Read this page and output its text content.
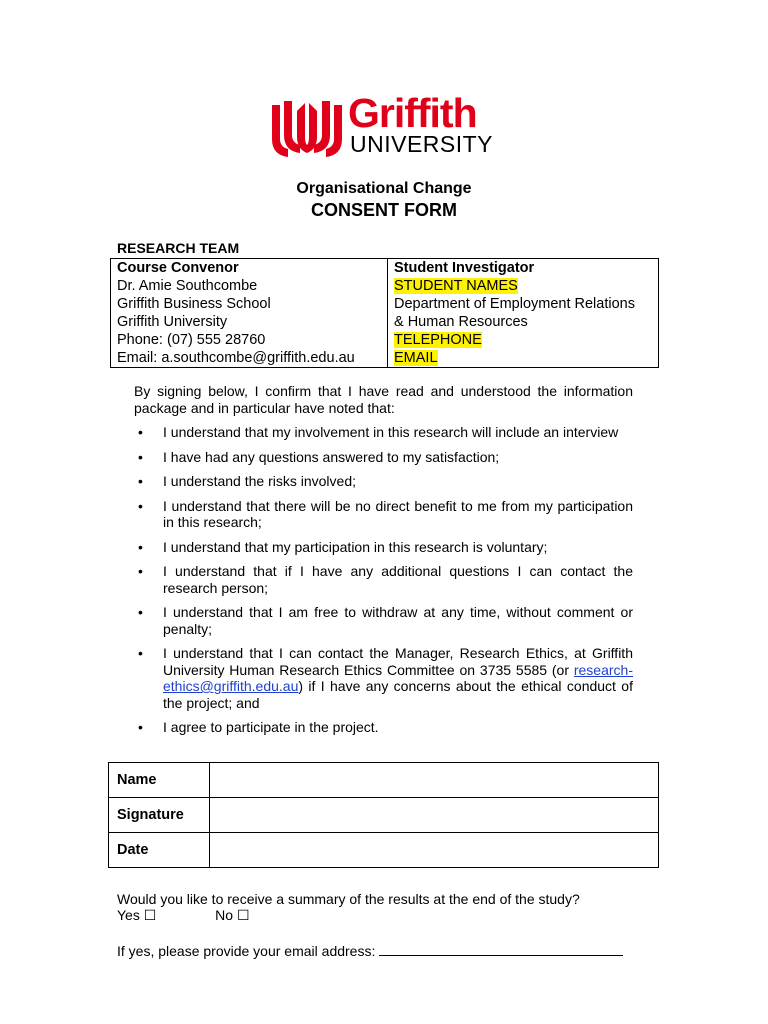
Griffith
UNIVERSITY
Organisational Change
CONSENT FORM
RESEARCH TEAM
Course Convenor
Dr. Amie Southcombe
Griffith Business School
Griffith University
Phone: (07) 555 28760
Email: a.southcombe@griffith.edu.au

Student Investigator
STUDENT NAMES
Department of Employment Relations
& Human Resources
TELEPHONE
EMAIL
By signing below, I confirm that I have read and understood the information package and in particular have noted that:
• I understand that my involvement in this research will include an interview
• I have had any questions answered to my satisfaction;
• I understand the risks involved;
• I understand that there will be no direct benefit to me from my participation in this research;
• I understand that my participation in this research is voluntary;
• I understand that if I have any additional questions I can contact the research person;
• I understand that I am free to withdraw at any time, without comment or penalty;
• I understand that I can contact the Manager, Research Ethics, at Griffith University Human Research Ethics Committee on 3735 5585 (or research-ethics@griffith.edu.au) if I have any concerns about the ethical conduct of the project; and
• I agree to participate in the project.
Name	
Signature	
Date	
Would you like to receive a summary of the results at the end of the study?
Yes ☐	No ☐
If yes, please provide your email address:
